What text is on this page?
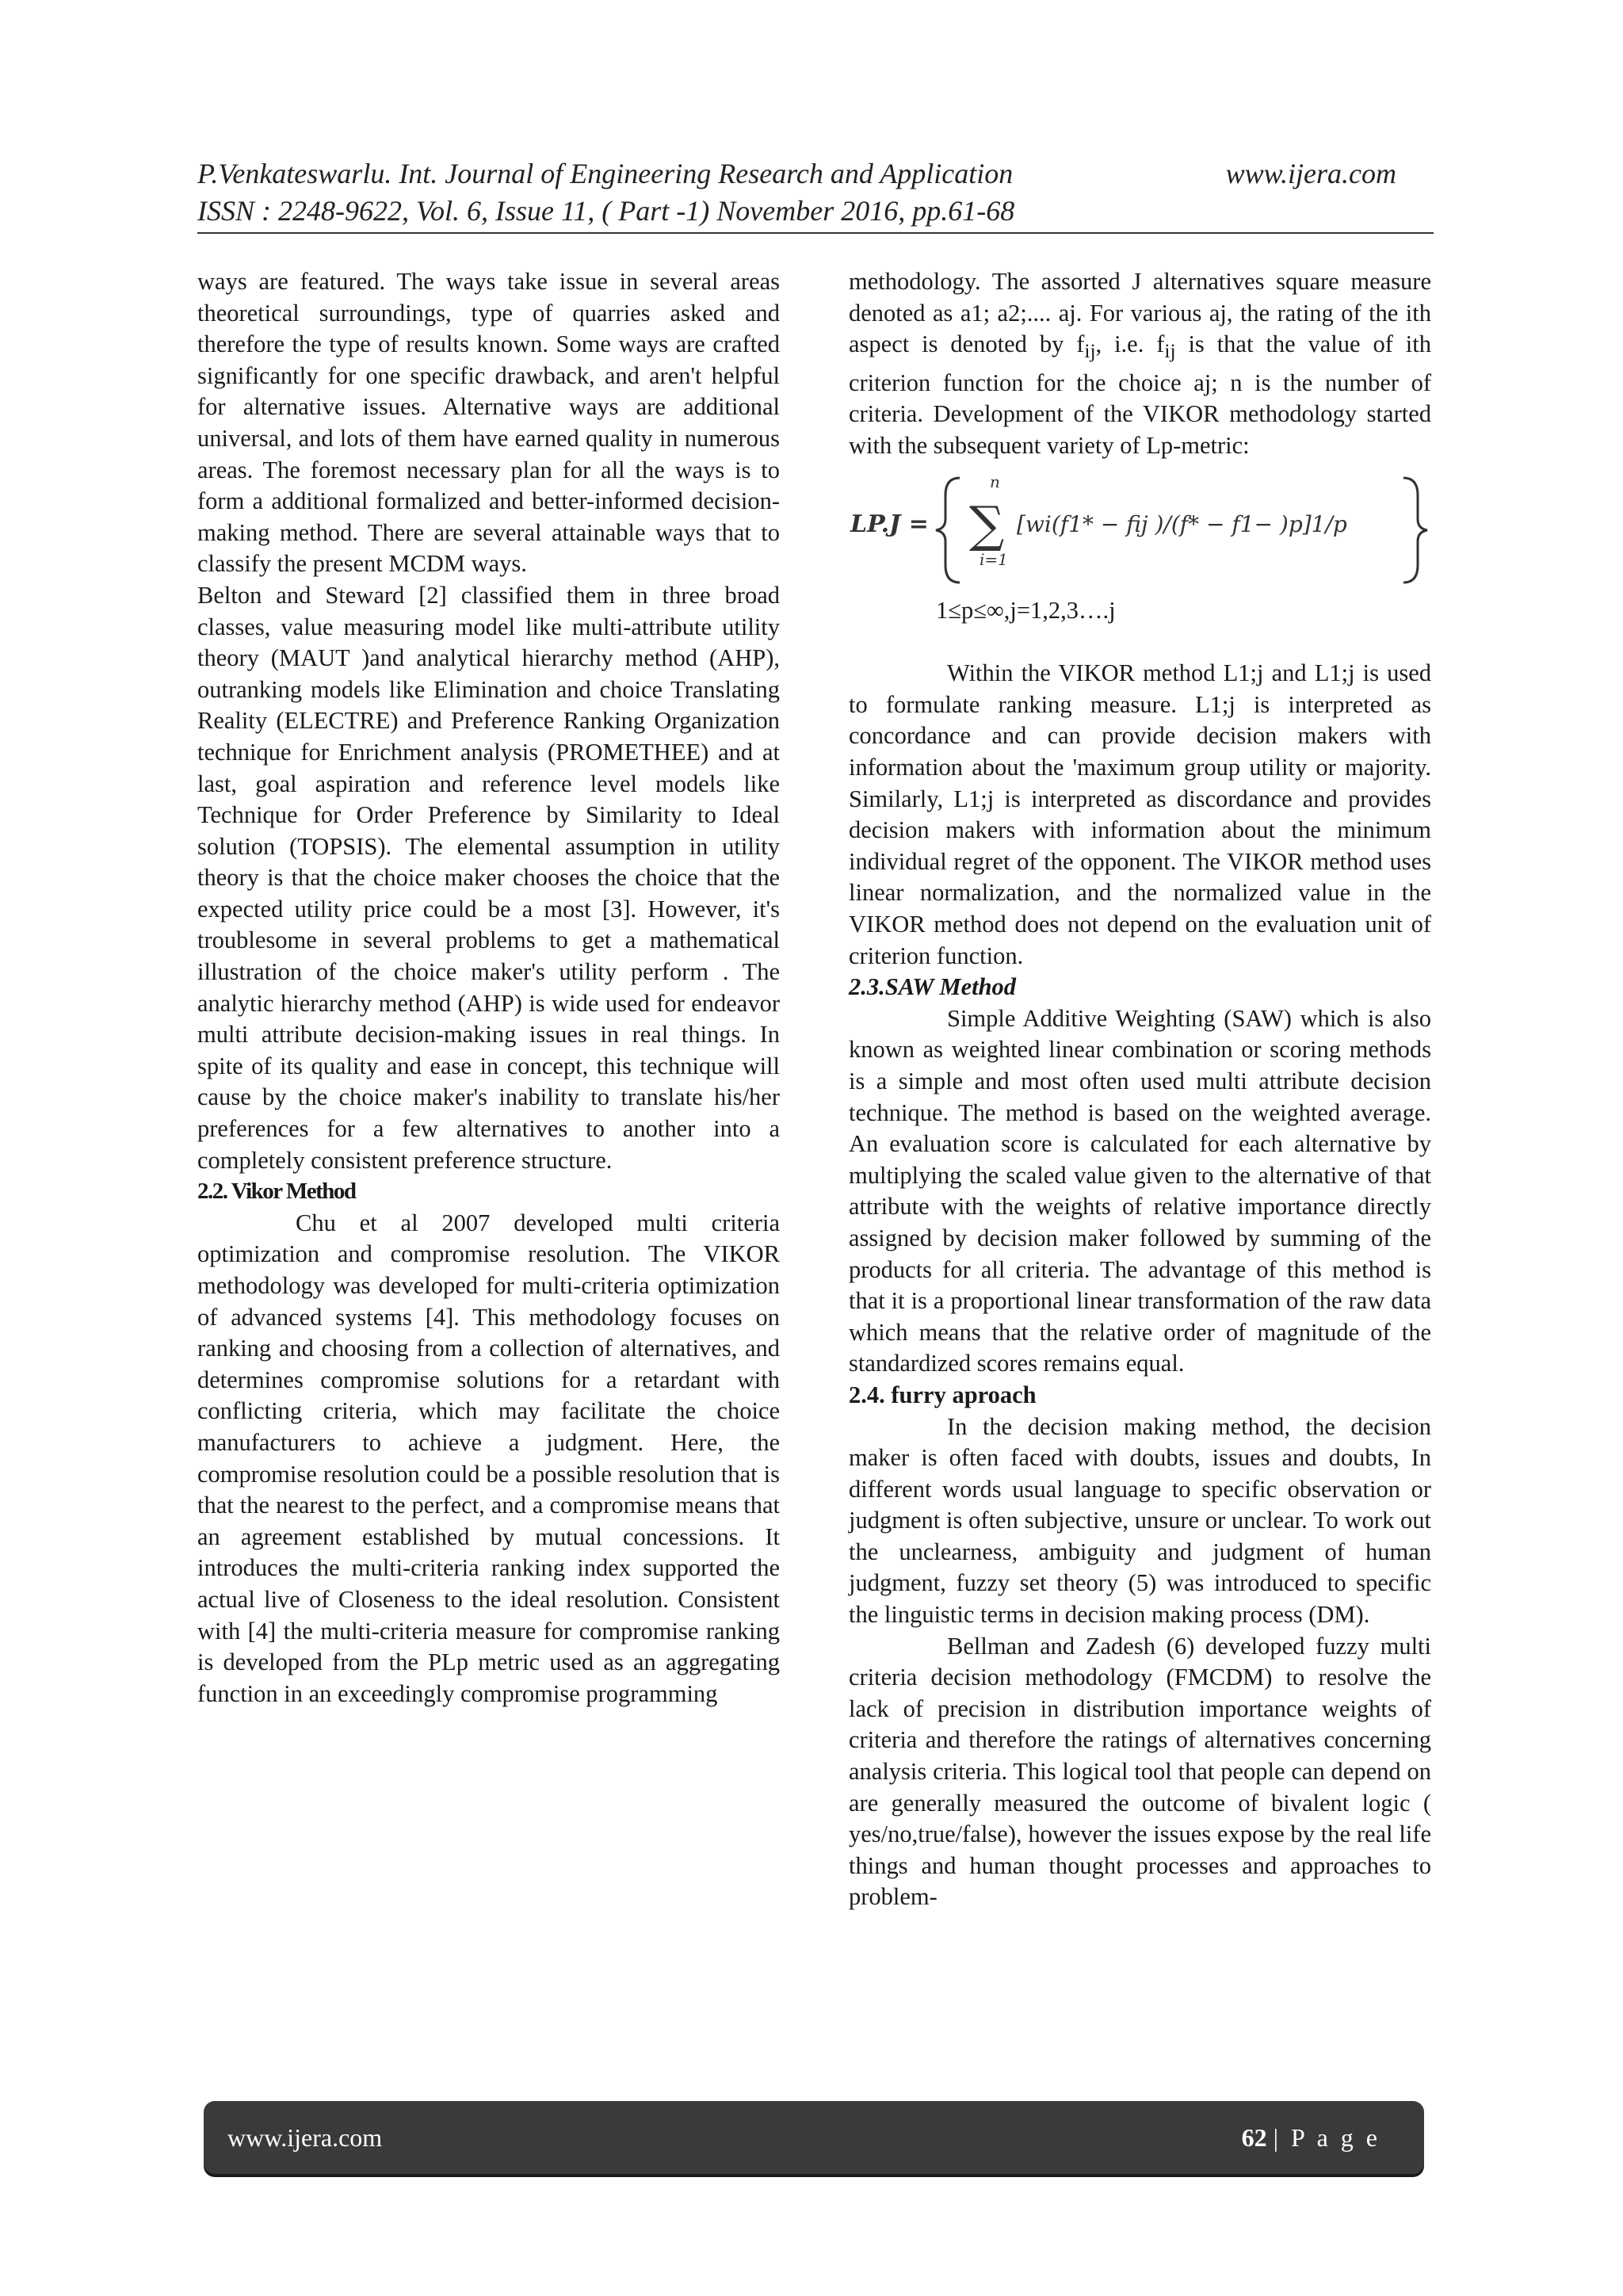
P.Venkateswarlu. Int. Journal of Engineering Research and Application	www.ijera.com
ISSN : 2248-9622, Vol. 6, Issue 11, ( Part -1) November 2016, pp.61-68

ways are featured. The ways take issue in several areas theoretical surroundings, type of quarries asked and therefore the type of results known. Some ways are crafted significantly for one specific drawback, and aren't helpful for alternative issues. Alternative ways are additional universal, and lots of them have earned quality in numerous areas. The foremost necessary plan for all the ways is to form a additional formalized and better-informed decision-making method. There are several attainable ways that to classify the present MCDM ways.

Belton and Steward [2] classified them in three broad classes, value measuring model like multi-attribute utility theory (MAUT )and analytical hierarchy method (AHP), outranking models like Elimination and choice Translating Reality (ELECTRE) and Preference Ranking Organization technique for Enrichment analysis (PROMETHEE) and at last, goal aspiration and reference level models like Technique for Order Preference by Similarity to Ideal solution (TOPSIS). The elemental assumption in utility theory is that the choice maker chooses the choice that the expected utility price could be a most [3]. However, it's troublesome in several problems to get a mathematical illustration of the choice maker's utility perform . The analytic hierarchy method (AHP) is wide used for endeavor multi attribute decision-making issues in real things. In spite of its quality and ease in concept, this technique will cause by the choice maker's inability to translate his/her preferences for a few alternatives to another into a completely consistent preference structure.

2.2. Vikor Method

Chu et al 2007 developed multi criteria optimization and compromise resolution. The VIKOR methodology was developed for multi-criteria optimization of advanced systems [4]. This methodology focuses on ranking and choosing from a collection of alternatives, and determines compromise solutions for a retardant with conflicting criteria, which may facilitate the choice manufacturers to achieve a judgment. Here, the compromise resolution could be a possible resolution that is that the nearest to the perfect, and a compromise means that an agreement established by mutual concessions. It introduces the multi-criteria ranking index supported the actual live of Closeness to the ideal resolution. Consistent with [4] the multi-criteria measure for compromise ranking is developed from the PLp metric used as an aggregating function in an exceedingly compromise programming

methodology. The assorted J alternatives square measure denoted as a1; a2;.... aj. For various aj, the rating of the ith aspect is denoted by $f_{ij}$, i.e. $f_{ij}$ is that the value of ith criterion function for the choice aj; n is the number of criteria. Development of the VIKOR methodology started with the subsequent variety of Lp-metric:

LP.J =
n
∑
i=1
[wi(f1* − fij )/(f* − f1− )p]1/p

1≤p≤∞,j=1,2,3….j

Within the VIKOR method L1;j and L1;j is used to formulate ranking measure. L1;j is interpreted as concordance and can provide decision makers with information about the 'maximum group utility or majority. Similarly, L1;j is interpreted as discordance and provides decision makers with information about the minimum individual regret of the opponent. The VIKOR method uses linear normalization, and the normalized value in the VIKOR method does not depend on the evaluation unit of criterion function.

2.3.SAW Method

Simple Additive Weighting (SAW) which is also known as weighted linear combination or scoring methods is a simple and most often used multi attribute decision technique. The method is based on the weighted average. An evaluation score is calculated for each alternative by multiplying the scaled value given to the alternative of that attribute with the weights of relative importance directly assigned by decision maker followed by summing of the products for all criteria. The advantage of this method is that it is a proportional linear transformation of the raw data which means that the relative order of magnitude of the standardized scores remains equal.

2.4. furry aproach

In the decision making method, the decision maker is often faced with doubts, issues and doubts, In different words usual language to specific observation or judgment is often subjective, unsure or unclear. To work out the unclearness, ambiguity and judgment of human judgment, fuzzy set theory (5) was introduced to specific the linguistic terms in decision making process (DM).

Bellman and Zadesh (6) developed fuzzy multi criteria decision methodology (FMCDM) to resolve the lack of precision in distribution importance weights of criteria and therefore the ratings of alternatives concerning analysis criteria. This logical tool that people can depend on are generally measured the outcome of bivalent logic ( yes/no,true/false), however the issues expose by the real life things and human thought processes and approaches to problem-

www.ijera.com	62 | P a g e
